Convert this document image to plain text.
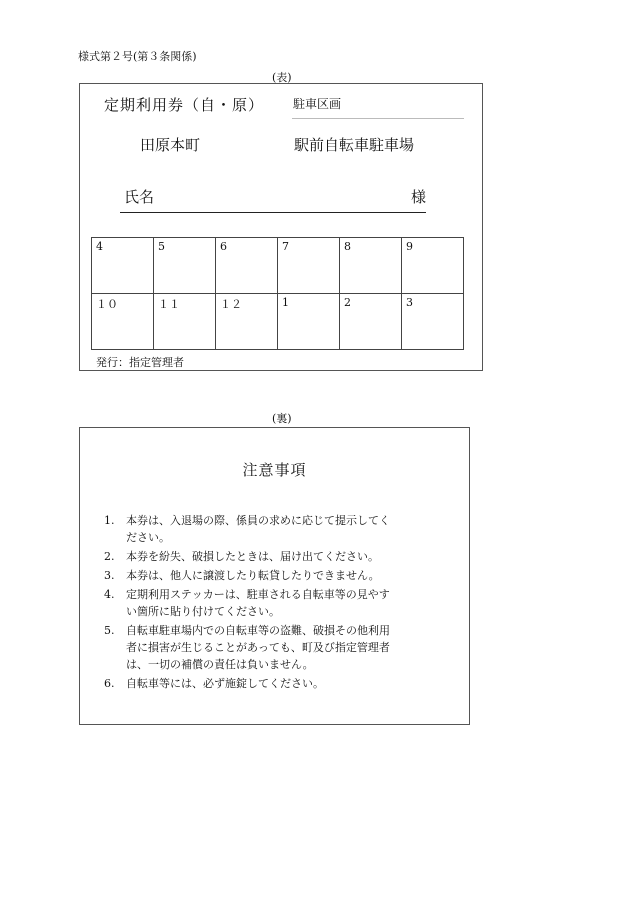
様式第２号(第３条関係)
(表)
定期利用券（自・原） 駐車区画
田原本町	駅前自転車駐車場
氏名	様
4	5	6	7	8	9
１０	１１	１２	1	2	3
発行：指定管理者
(裏)
注意事項
1.	本券は、入退場の際、係員の求めに応じて提示してください。
2.	本券を紛失、破損したときは、届け出てください。
3.	本券は、他人に譲渡したり転貸したりできません。
4.	定期利用ステッカーは、駐車される自転車等の見やすい箇所に貼り付けてください。
5.	自転車駐車場内での自転車等の盗難、破損その他利用者に損害が生じることがあっても、町及び指定管理者は、一切の補償の責任は負いません。
6.	自転車等には、必ず施錠してください。
